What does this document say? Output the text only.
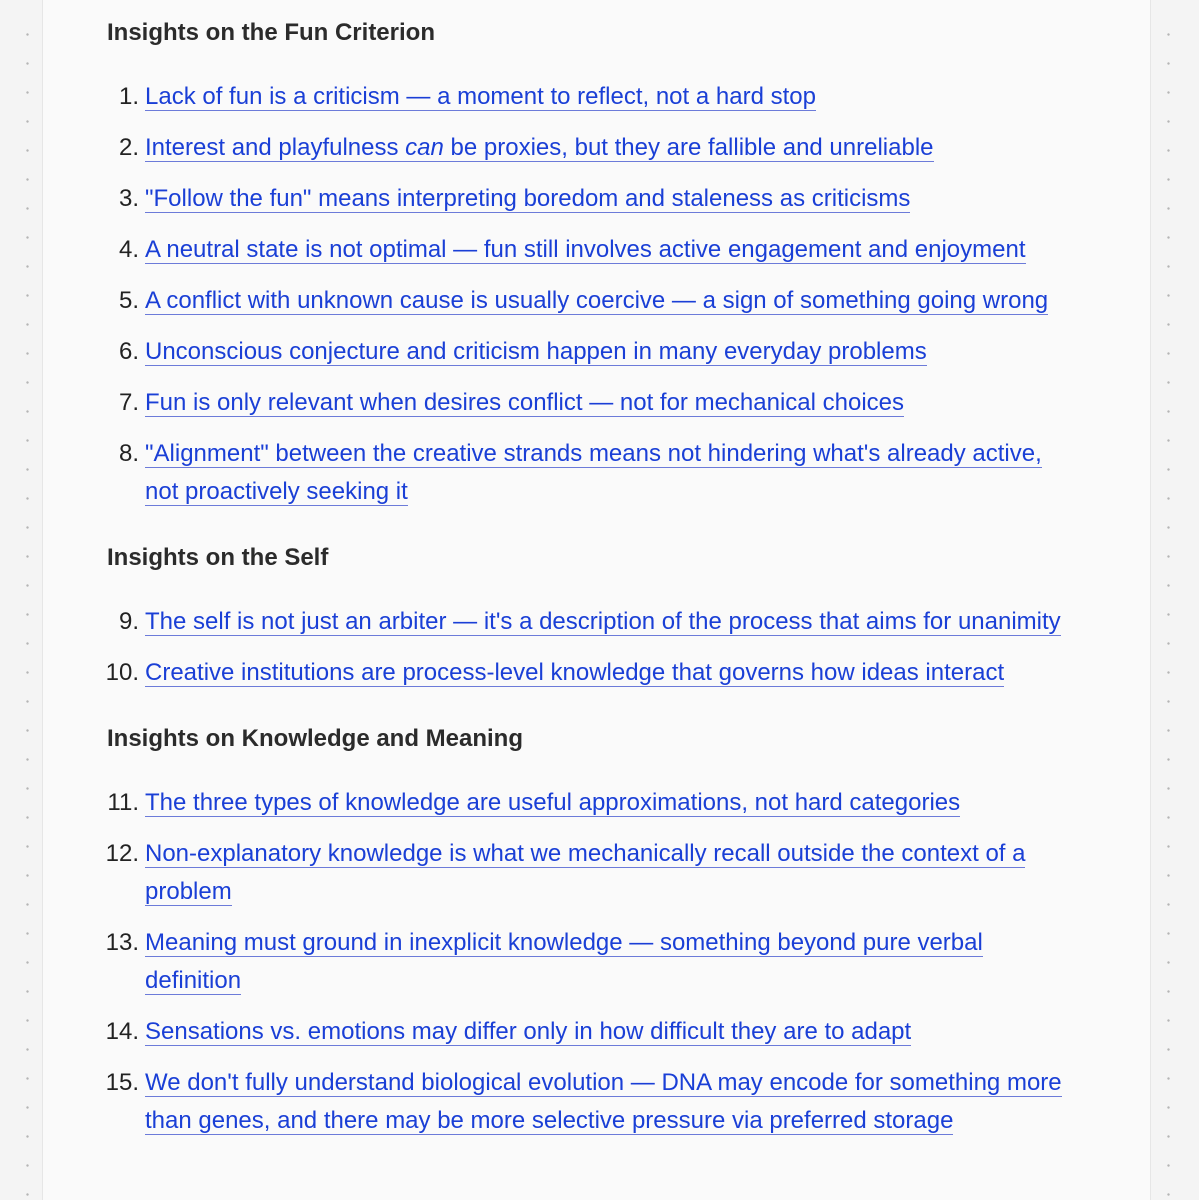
Insights on the Fun Criterion
1. Lack of fun is a criticism — a moment to reflect, not a hard stop
2. Interest and playfulness can be proxies, but they are fallible and unreliable
3. "Follow the fun" means interpreting boredom and staleness as criticisms
4. A neutral state is not optimal — fun still involves active engagement and enjoyment
5. A conflict with unknown cause is usually coercive — a sign of something going wrong
6. Unconscious conjecture and criticism happen in many everyday problems
7. Fun is only relevant when desires conflict — not for mechanical choices
8. "Alignment" between the creative strands means not hindering what's already active, not proactively seeking it
Insights on the Self
9. The self is not just an arbiter — it's a description of the process that aims for unanimity
10. Creative institutions are process-level knowledge that governs how ideas interact
Insights on Knowledge and Meaning
11. The three types of knowledge are useful approximations, not hard categories
12. Non-explanatory knowledge is what we mechanically recall outside the context of a problem
13. Meaning must ground in inexplicit knowledge — something beyond pure verbal definition
14. Sensations vs. emotions may differ only in how difficult they are to adapt
15. We don't fully understand biological evolution — DNA may encode for something more than genes, and there may be more selective pressure via preferred storage
